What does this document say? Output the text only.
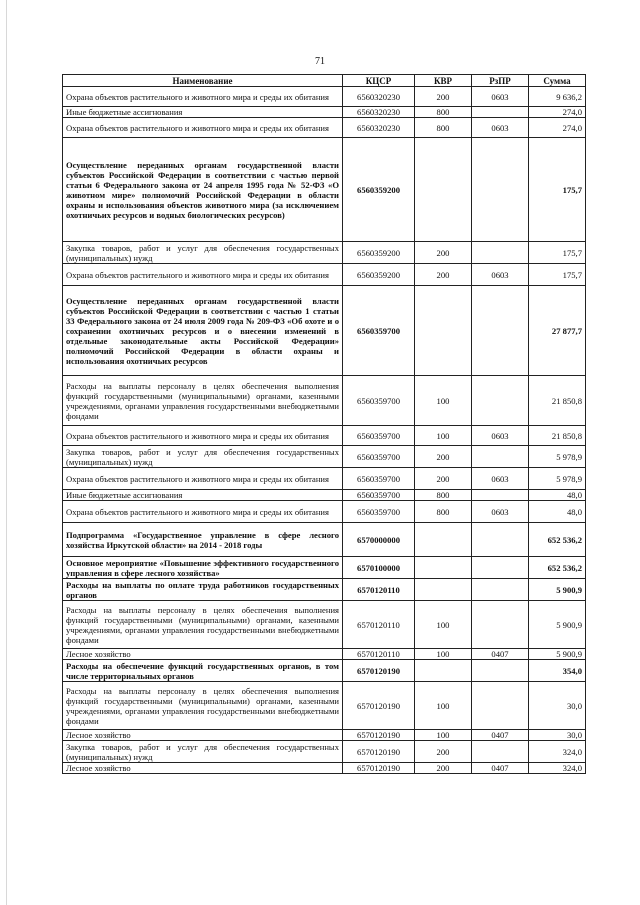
71
Наименование	КЦСР	КВР	РзПР	Сумма
Охрана объектов растительного и животного мира и среды их обитания	6560320230	200	0603	9 636,2
Иные бюджетные ассигнования	6560320230	800		274,0
Охрана объектов растительного и животного мира и среды их обитания	6560320230	800	0603	274,0
Осуществление переданных органам государственной власти субъектов Российской Федерации в соответствии с частью первой статьи 6 Федерального закона от 24 апреля 1995 года № 52-ФЗ «О животном мире» полномочий Российской Федерации в области охраны и использования объектов животного мира (за исключением охотничьих ресурсов и водных биологических ресурсов)	6560359200			175,7
Закупка товаров, работ и услуг для обеспечения государственных (муниципальных) нужд	6560359200	200		175,7
Охрана объектов растительного и животного мира и среды их обитания	6560359200	200	0603	175,7
Осуществление переданных органам государственной власти субъектов Российской Федерации в соответствии с частью 1 статьи 33 Федерального закона от 24 июля 2009 года № 209-ФЗ «Об охоте и о сохранении охотничьих ресурсов и о внесении изменений в отдельные законодательные акты Российской Федерации» полномочий Российской Федерации в области охраны и использования охотничьих ресурсов	6560359700			27 877,7
Расходы на выплаты персоналу в целях обеспечения выполнения функций государственными (муниципальными) органами, казенными учреждениями, органами управления государственными внебюджетными фондами	6560359700	100		21 850,8
Охрана объектов растительного и животного мира и среды их обитания	6560359700	100	0603	21 850,8
Закупка товаров, работ и услуг для обеспечения государственных (муниципальных) нужд	6560359700	200		5 978,9
Охрана объектов растительного и животного мира и среды их обитания	6560359700	200	0603	5 978,9
Иные бюджетные ассигнования	6560359700	800		48,0
Охрана объектов растительного и животного мира и среды их обитания	6560359700	800	0603	48,0
Подпрограмма «Государственное управление в сфере лесного хозяйства Иркутской области» на 2014 - 2018 годы	6570000000			652 536,2
Основное мероприятие «Повышение эффективного государственного управления в сфере лесного хозяйства»	6570100000			652 536,2
Расходы на выплаты по оплате труда работников государственных органов	6570120110			5 900,9
Расходы на выплаты персоналу в целях обеспечения выполнения функций государственными (муниципальными) органами, казенными учреждениями, органами управления государственными внебюджетными фондами	6570120110	100		5 900,9
Лесное хозяйство	6570120110	100	0407	5 900,9
Расходы на обеспечение функций государственных органов, в том числе территориальных органов	6570120190			354,0
Расходы на выплаты персоналу в целях обеспечения выполнения функций государственными (муниципальными) органами, казенными учреждениями, органами управления государственными внебюджетными фондами	6570120190	100		30,0
Лесное хозяйство	6570120190	100	0407	30,0
Закупка товаров, работ и услуг для обеспечения государственных (муниципальных) нужд	6570120190	200		324,0
Лесное хозяйство	6570120190	200	0407	324,0
